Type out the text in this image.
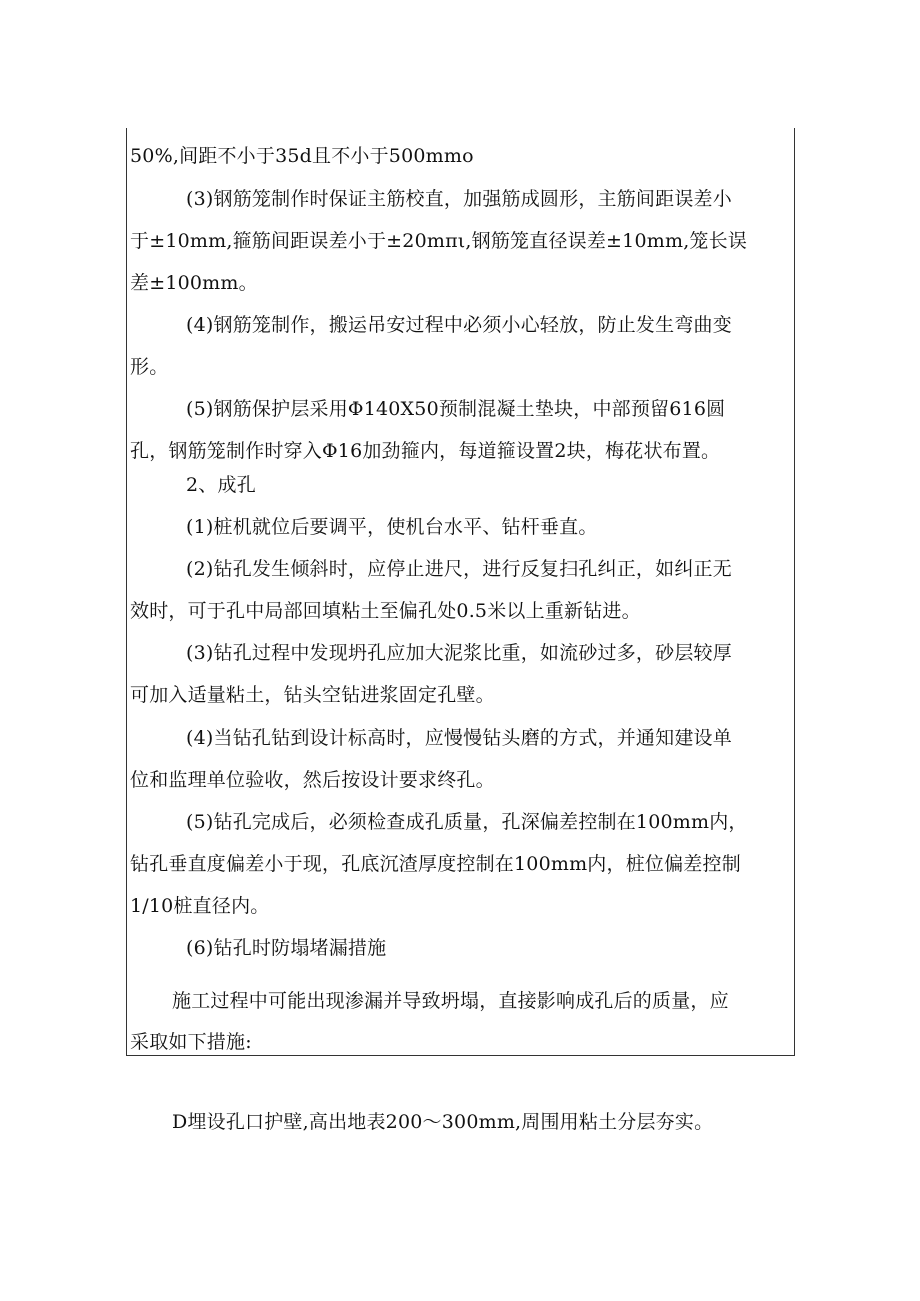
50%,间距不小于35d且不小于500mmo
(3)钢筋笼制作时保证主筋校直，加强筋成圆形，主筋间距误差小
于±10mm,箍筋间距误差小于±20mπι,钢筋笼直径误差±10mm,笼长误
差±100mm。
(4)钢筋笼制作，搬运吊安过程中必须小心轻放，防止发生弯曲变
形。
(5)钢筋保护层采用Φ140X50预制混凝土垫块，中部预留616圆
孔，钢筋笼制作时穿入Φ16加劲箍内，每道箍设置2块，梅花状布置。
2、成孔
(1)桩机就位后要调平，使机台水平、钻杆垂直。
(2)钻孔发生倾斜时，应停止进尺，进行反复扫孔纠正，如纠正无
效时，可于孔中局部回填粘土至偏孔处0.5米以上重新钻进。
(3)钻孔过程中发现坍孔应加大泥浆比重，如流砂过多，砂层较厚
可加入适量粘土，钻头空钻进浆固定孔壁。
(4)当钻孔钻到设计标高时，应慢慢钻头磨的方式，并通知建设单
位和监理单位验收，然后按设计要求终孔。
(5)钻孔完成后，必须检查成孔质量，孔深偏差控制在100mm内，
钻孔垂直度偏差小于现，孔底沉渣厚度控制在100mm内，桩位偏差控制
1/10桩直径内。
(6)钻孔时防塌堵漏措施
施工过程中可能出现渗漏并导致坍塌，直接影响成孔后的质量，应
采取如下措施:
D埋设孔口护壁,高出地表200～300mm,周围用粘土分层夯实。
